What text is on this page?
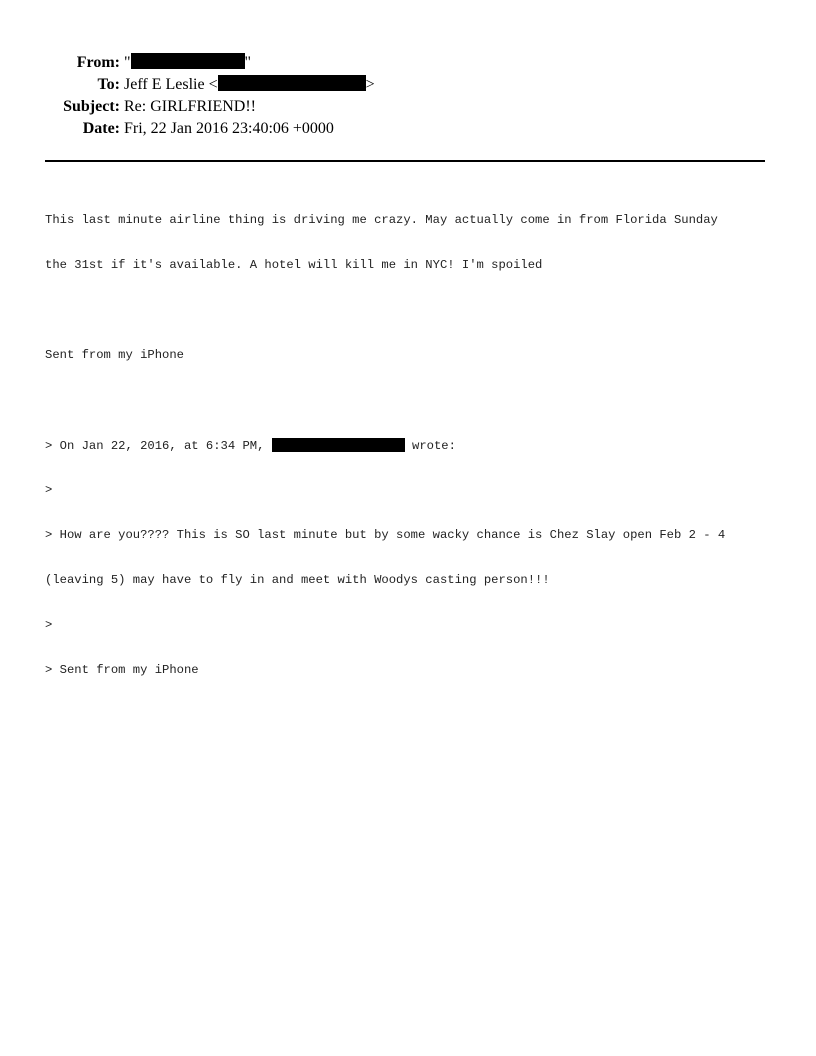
From: "	"
To: Jeff E Leslie <	>
Subject: Re: GIRLFRIEND!!
Date: Fri, 22 Jan 2016 23:40:06 +0000

This last minute airline thing is driving me crazy. May actually come in from Florida Sunday

the 31st if it's available. A hotel will kill me in NYC! I'm spoiled

Sent from my iPhone

> On Jan 22, 2016, at 6:34 PM,	wrote:

>

> How are you???? This is SO last minute but by some wacky chance is Chez Slay open Feb 2 - 4

(leaving 5) may have to fly in and meet with Woodys casting person!!!

>

> Sent from my iPhone
